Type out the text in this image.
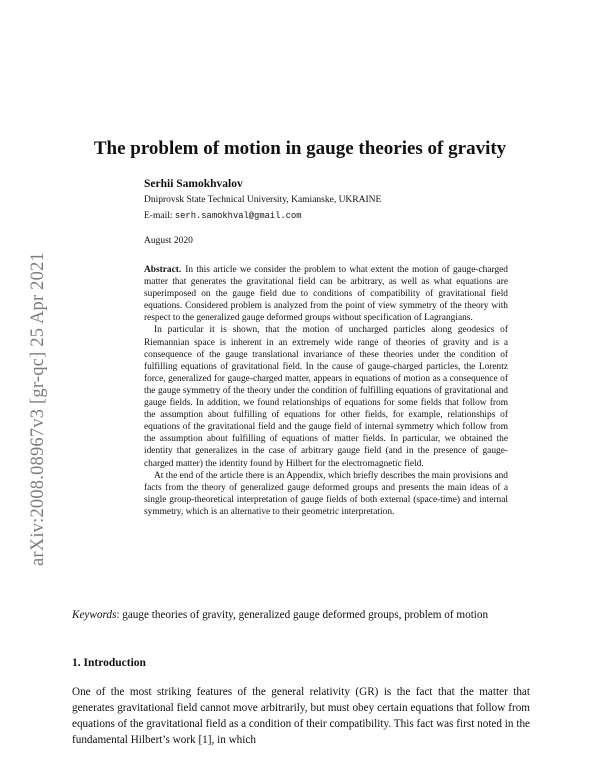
arXiv:2008.08967v3 [gr-qc] 25 Apr 2021
The problem of motion in gauge theories of gravity
Serhii Samokhvalov
Dniprovsk State Technical University, Kamianske, UKRAINE
E-mail: serh.samokhval@gmail.com
August 2020

Abstract. In this article we consider the problem to what extent the motion of gauge-charged matter that generates the gravitational field can be arbitrary, as well as what equations are superimposed on the gauge field due to conditions of compatibility of gravitational field equations. Considered problem is analyzed from the point of view symmetry of the theory with respect to the generalized gauge deformed groups without specification of Lagrangians.

In particular it is shown, that the motion of uncharged particles along geodesics of Riemannian space is inherent in an extremely wide range of theories of gravity and is a consequence of the gauge translational invariance of these theories under the condition of fulfilling equations of gravitational field. In the cause of gauge-charged particles, the Lorentz force, generalized for gauge-charged matter, appears in equations of motion as a consequence of the gauge symmetry of the theory under the condition of fulfilling equations of gravitational and gauge fields. In addition, we found relationships of equations for some fields that follow from the assumption about fulfilling of equations for other fields, for example, relationships of equations of the gravitational field and the gauge field of internal symmetry which follow from the assumption about fulfilling of equations of matter fields. In particular, we obtained the identity that generalizes in the case of arbitrary gauge field (and in the presence of gauge-charged matter) the identity found by Hilbert for the electromagnetic field.

At the end of the article there is an Appendix, which briefly describes the main provisions and facts from the theory of generalized gauge deformed groups and presents the main ideas of a single group-theoretical interpretation of gauge fields of both external (space-time) and internal symmetry, which is an alternative to their geometric interpretation.

Keywords: gauge theories of gravity, generalized gauge deformed groups, problem of motion
1. Introduction
One of the most striking features of the general relativity (GR) is the fact that the matter that generates gravitational field cannot move arbitrarily, but must obey certain equations that follow from equations of the gravitational field as a condition of their compatibility. This fact was first noted in the fundamental Hilbert’s work [1], in which
